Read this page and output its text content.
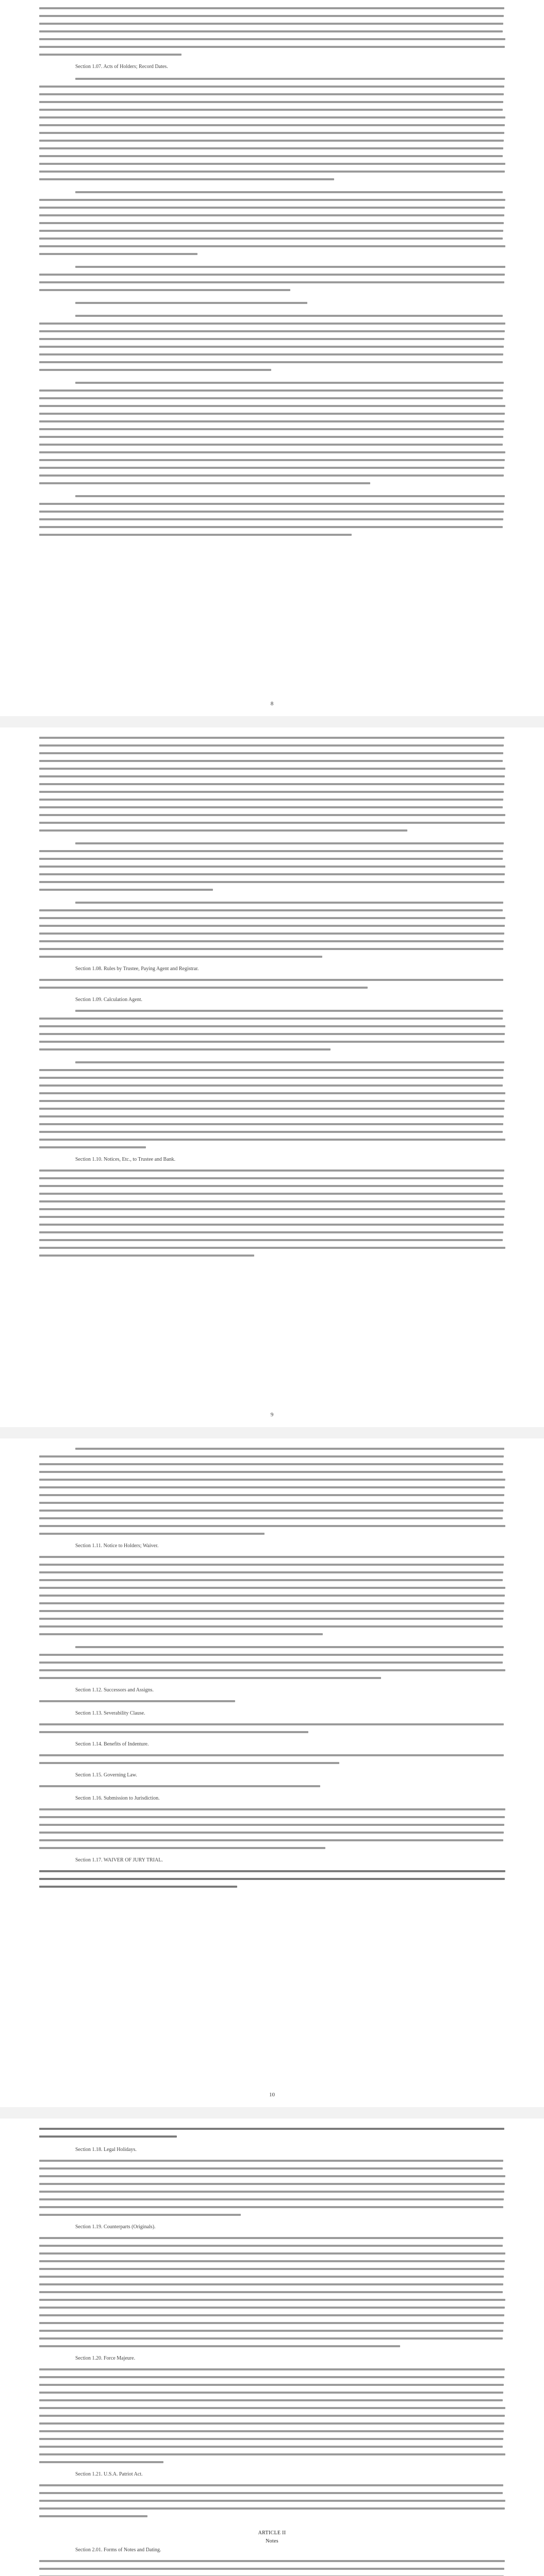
Section 1.07. Acts of Holders; Record Dates.
8
Section 1.08. Rules by Trustee, Paying Agent and Registrar.
Section 1.09. Calculation Agent.
Section 1.10. Notices, Etc., to Trustee and Bank.
9
Section 1.11. Notice to Holders; Waiver.
Section 1.12. Successors and Assigns.
Section 1.13. Severability Clause.
Section 1.14. Benefits of Indenture.
Section 1.15. Governing Law.
Section 1.16. Submission to Jurisdiction.
Section 1.17. WAIVER OF JURY TRIAL.
10
Section 1.18. Legal Holidays.
Section 1.19. Counterparts (Originals).
Section 1.20. Force Majeure.
Section 1.21. U.S.A. Patriot Act.
ARTICLE II
Notes
Section 2.01. Forms of Notes and Dating.
